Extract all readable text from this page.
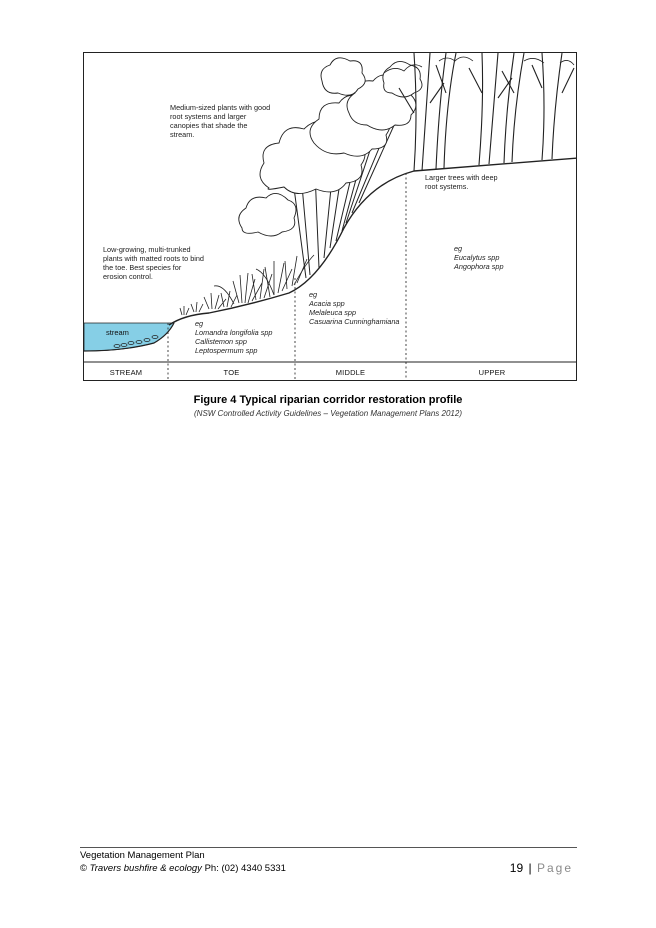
Medium-sized plants with good
root systems and larger
canopies that shade the
stream.
Larger trees with deep
root systems.
Low-growing, multi-trunked
plants with matted roots to bind
the toe. Best species for
erosion control.
eg
Lomandra longifolia spp
Callistemon spp
Leptospermum spp
eg
Acacia spp
Melaleuca spp
Casuarina Cunninghamiana
eg
Eucalytus spp
Angophora spp
stream
STREAM	TOE	MIDDLE	UPPER
Figure 4 Typical riparian corridor restoration profile
(NSW Controlled Activity Guidelines – Vegetation Management Plans 2012)
Vegetation Management Plan
© Travers bushfire & ecology Ph: (02) 4340 5331	19 | Page
